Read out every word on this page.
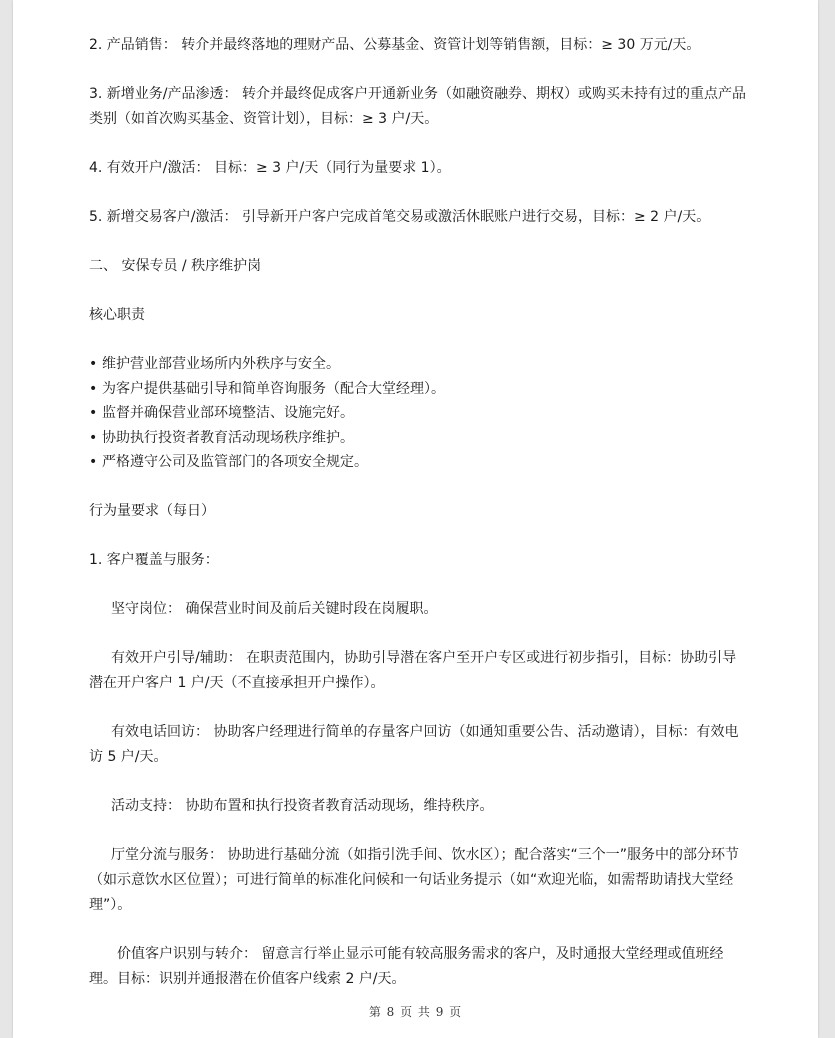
2. 产品销售： 转介并最终落地的理财产品、公募基金、资管计划等销售额，目标：≥ 30 万元/天。

3. 新增业务/产品渗透： 转介并最终促成客户开通新业务（如融资融券、期权）或购买未持有过的重点产品类别（如首次购买基金、资管计划），目标：≥ 3 户/天。

4. 有效开户/激活： 目标：≥ 3 户/天（同行为量要求 1）。

5. 新增交易客户/激活： 引导新开户客户完成首笔交易或激活休眠账户进行交易，目标：≥ 2 户/天。

二、 安保专员 / 秩序维护岗

核心职责

• 维护营业部营业场所内外秩序与安全。
• 为客户提供基础引导和简单咨询服务（配合大堂经理）。
• 监督并确保营业部环境整洁、设施完好。
• 协助执行投资者教育活动现场秩序维护。
• 严格遵守公司及监管部门的各项安全规定。

行为量要求（每日）

1. 客户覆盖与服务：

坚守岗位： 确保营业时间及前后关键时段在岗履职。

有效开户引导/辅助： 在职责范围内，协助引导潜在客户至开户专区或进行初步指引，目标：协助引导潜在开户客户 1 户/天（不直接承担开户操作）。

有效电话回访： 协助客户经理进行简单的存量客户回访（如通知重要公告、活动邀请），目标：有效电访 5 户/天。

活动支持： 协助布置和执行投资者教育活动现场，维持秩序。

厅堂分流与服务： 协助进行基础分流（如指引洗手间、饮水区）；配合落实“三个一”服务中的部分环节（如示意饮水区位置）；可进行简单的标准化问候和一句话业务提示（如“欢迎光临，如需帮助请找大堂经理”）。

价值客户识别与转介： 留意言行举止显示可能有较高服务需求的客户，及时通报大堂经理或值班经理。目标：识别并通报潜在价值客户线索 2 户/天。

第 8 页 共 9 页
